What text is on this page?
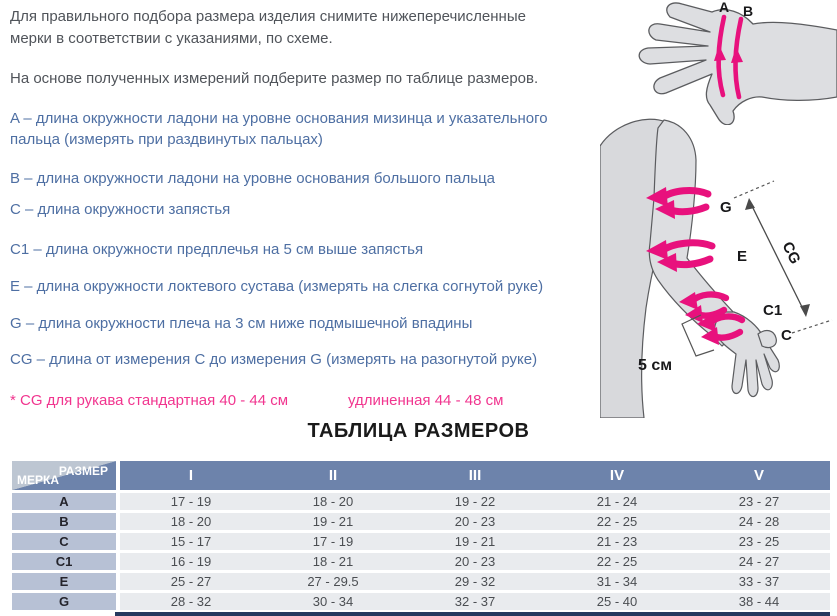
Для правильного подбора размера изделия снимите нижеперечисленные мерки в соответствии с указаниями, по схеме.
На основе полученных измерений подберите размер по таблице размеров.
A – длина окружности ладони на уровне основания мизинца и указательного пальца (измерять при раздвинутых пальцах)
B – длина окружности ладони на уровне основания большого пальца
C – длина окружности запястья
C1 – длина окружности предплечья на 5 см выше запястья
E – длина окружности локтевого сустава (измерять на слегка согнутой руке)
G – длина окружности плеча на 3 см ниже подмышечной впадины
CG – длина от измерения C до измерения G (измерять на разогнутой руке)
* CG для рукава стандартная 40 - 44 см	удлиненная 44 - 48 см
ТАБЛИЦА РАЗМЕРОВ
РАЗМЕР
МЕРКА	I	II	III	IV	V
A	17 - 19	18 - 20	19 - 22	21 - 24	23 - 27
B	18 - 20	19 - 21	20 - 23	22 - 25	24 - 28
C	15 - 17	17 - 19	19 - 21	21 - 23	23 - 25
C1	16 - 19	18 - 21	20 - 23	22 - 25	24 - 27
E	25 - 27	27 - 29.5	29 - 32	31 - 34	33 - 37
G	28 - 32	30 - 34	32 - 37	25 - 40	38 - 44
A B
G
E
C1
C
CG
5 см
